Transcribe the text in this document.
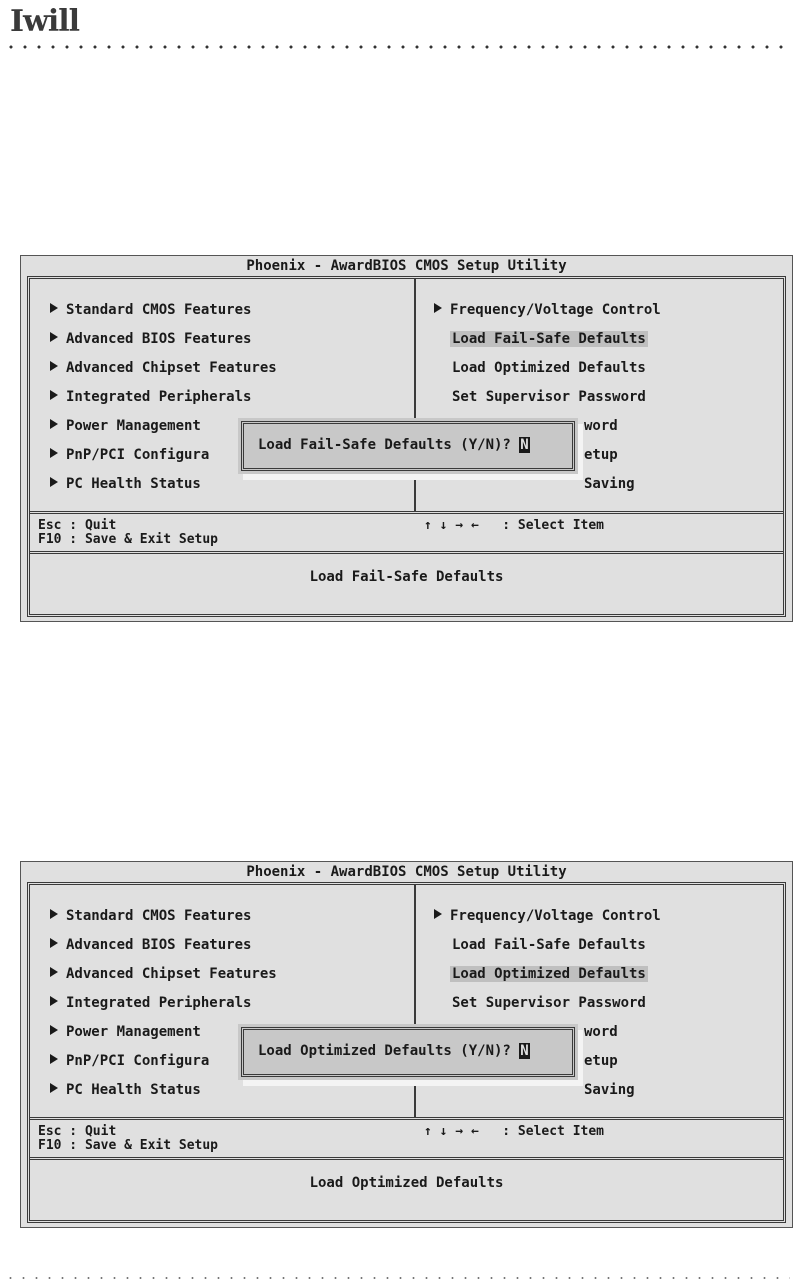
Iwill
Phoenix - AwardBIOS CMOS Setup Utility
Standard CMOS Features
Advanced BIOS Features
Advanced Chipset Features
Integrated Peripherals
Power Management
PnP/PCI Configura
PC Health Status
Frequency/Voltage Control
Load Fail-Safe Defaults
Load Optimized Defaults
Set Supervisor Password
word
etup
Saving
Esc : Quit
F10 : Save & Exit Setup
↑ ↓ → ←   : Select Item
Load Fail-Safe Defaults
Load Fail-Safe Defaults (Y/N)? N
Phoenix - AwardBIOS CMOS Setup Utility
Standard CMOS Features
Advanced BIOS Features
Advanced Chipset Features
Integrated Peripherals
Power Management
PnP/PCI Configura
PC Health Status
Frequency/Voltage Control
Load Fail-Safe Defaults
Load Optimized Defaults
Set Supervisor Password
word
etup
Saving
Esc : Quit
F10 : Save & Exit Setup
↑ ↓ → ←   : Select Item
Load Optimized Defaults
Load Optimized Defaults (Y/N)? N
